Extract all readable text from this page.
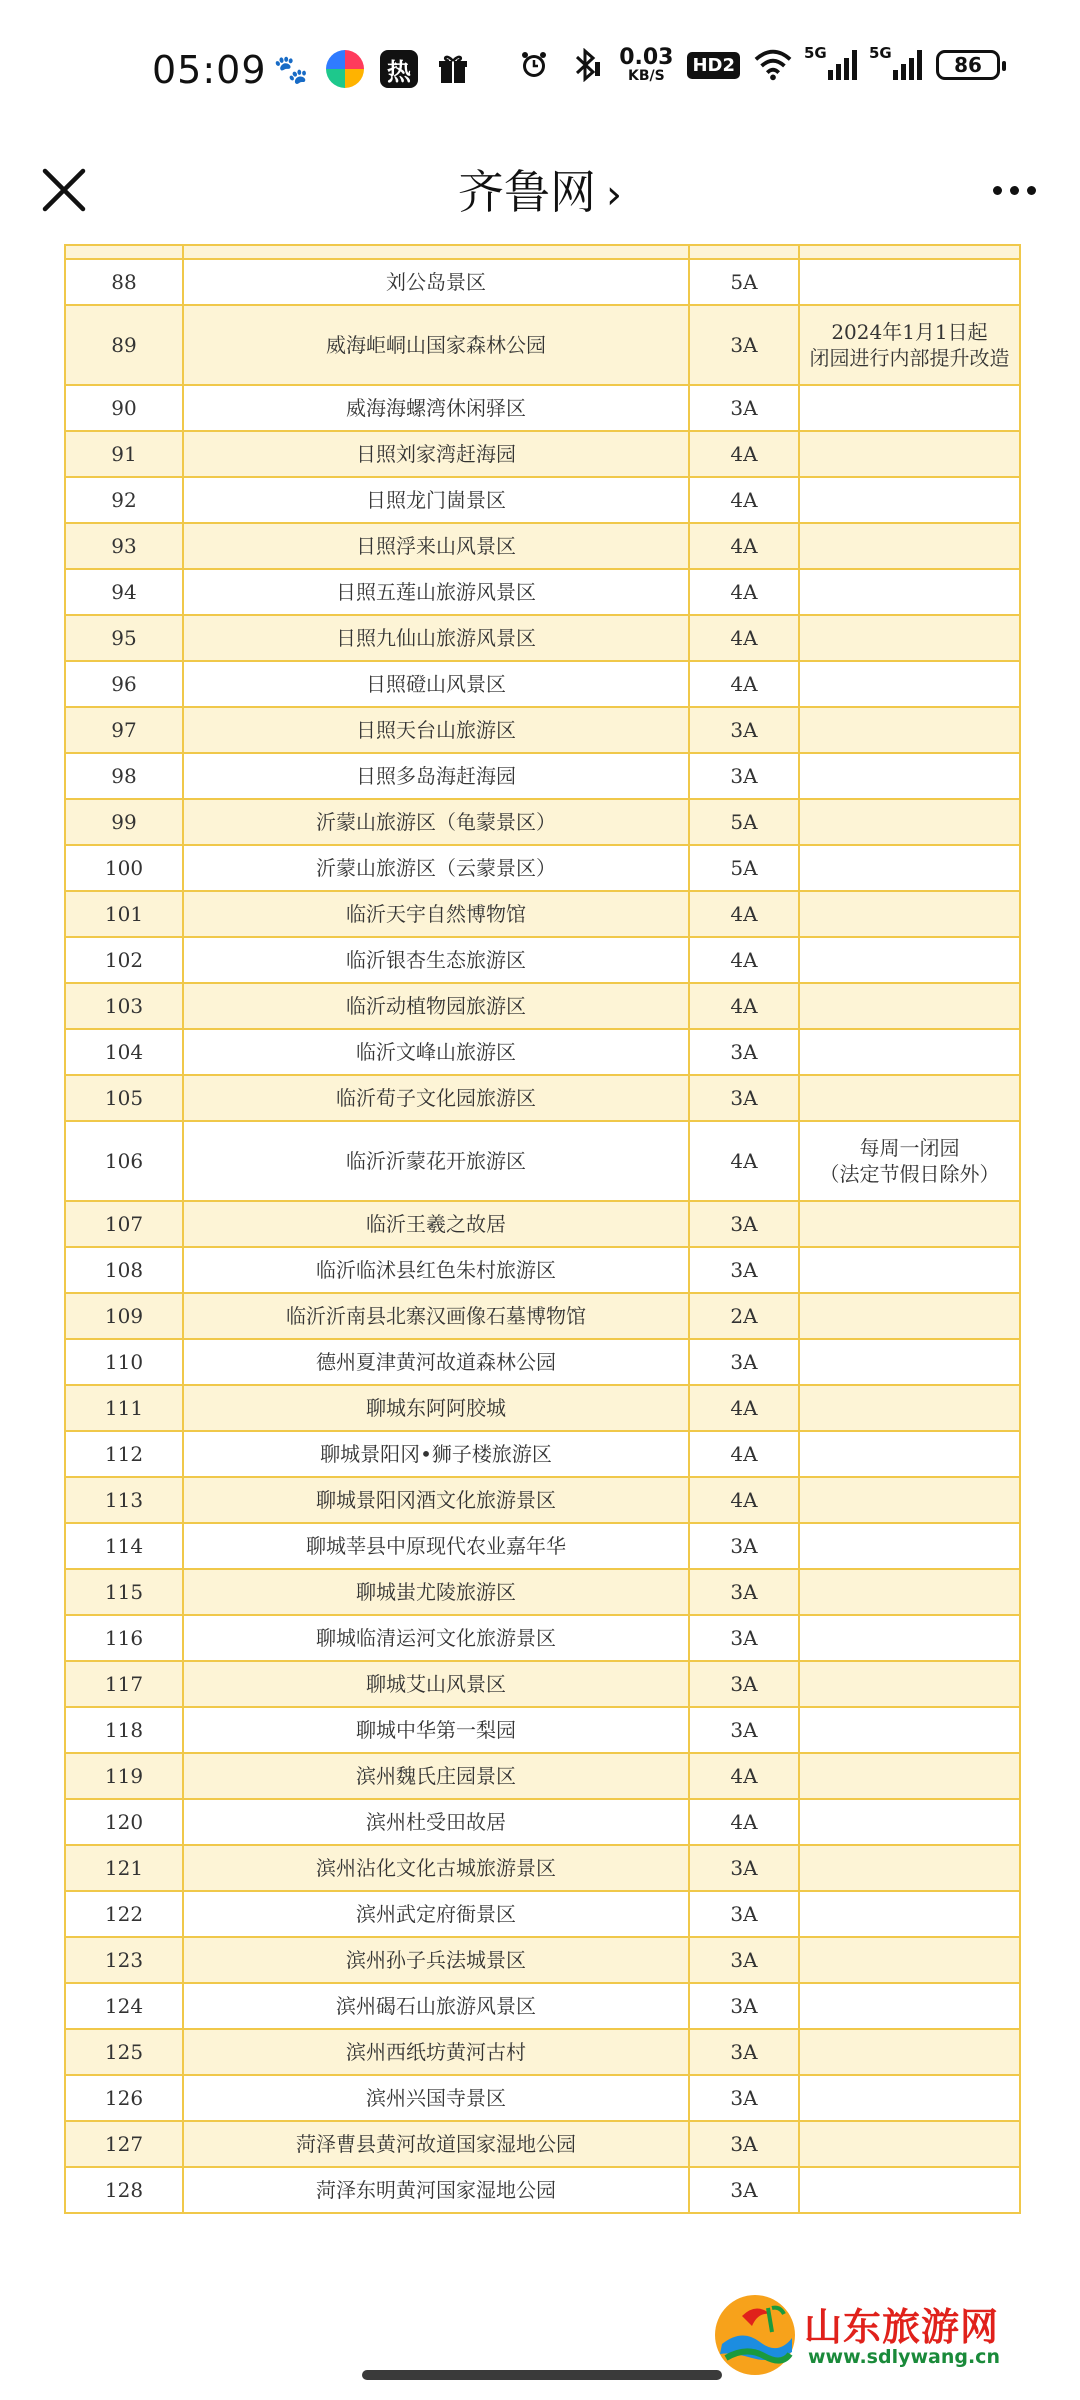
05:09 🐾	热	0.03
KB/S
HD2
5G	5G	86
齐鲁网 ›

88	刘公岛景区	5A	
89	威海岠峒山国家森林公园	3A	2024年1月1日起
闭园进行内部提升改造

90	威海海螺湾休闲驿区	3A	
91	日照刘家湾赶海园	4A	
92	日照龙门崮景区	4A	
93	日照浮来山风景区	4A	
94	日照五莲山旅游风景区	4A	
95	日照九仙山旅游风景区	4A	
96	日照磴山风景区	4A	
97	日照天台山旅游区	3A	
98	日照多岛海赶海园	3A	
99	沂蒙山旅游区（龟蒙景区）	5A	
100	沂蒙山旅游区（云蒙景区）	5A	
101	临沂天宇自然博物馆	4A	
102	临沂银杏生态旅游区	4A	
103	临沂动植物园旅游区	4A	
104	临沂文峰山旅游区	3A	
105	临沂荀子文化园旅游区	3A	
106	临沂沂蒙花开旅游区	4A	每周一闭园
（法定节假日除外）

107	临沂王羲之故居	3A	
108	临沂临沭县红色朱村旅游区	3A	
109	临沂沂南县北寨汉画像石墓博物馆	2A	
110	德州夏津黄河故道森林公园	3A	
111	聊城东阿阿胶城	4A	
112	聊城景阳冈•狮子楼旅游区	4A	
113	聊城景阳冈酒文化旅游景区	4A	
114	聊城莘县中原现代农业嘉年华	3A	
115	聊城蚩尤陵旅游区	3A	
116	聊城临清运河文化旅游景区	3A	
117	聊城艾山风景区	3A	
118	聊城中华第一梨园	3A	
119	滨州魏氏庄园景区	4A	
120	滨州杜受田故居	4A	
121	滨州沾化文化古城旅游景区	3A	
122	滨州武定府衙景区	3A	
123	滨州孙子兵法城景区	3A	
124	滨州碣石山旅游风景区	3A	
125	滨州西纸坊黄河古村	3A	
126	滨州兴国寺景区	3A	
127	菏泽曹县黄河故道国家湿地公园	3A	
128	菏泽东明黄河国家湿地公园	3A	
山东旅游网
www.sdlywang.cn
